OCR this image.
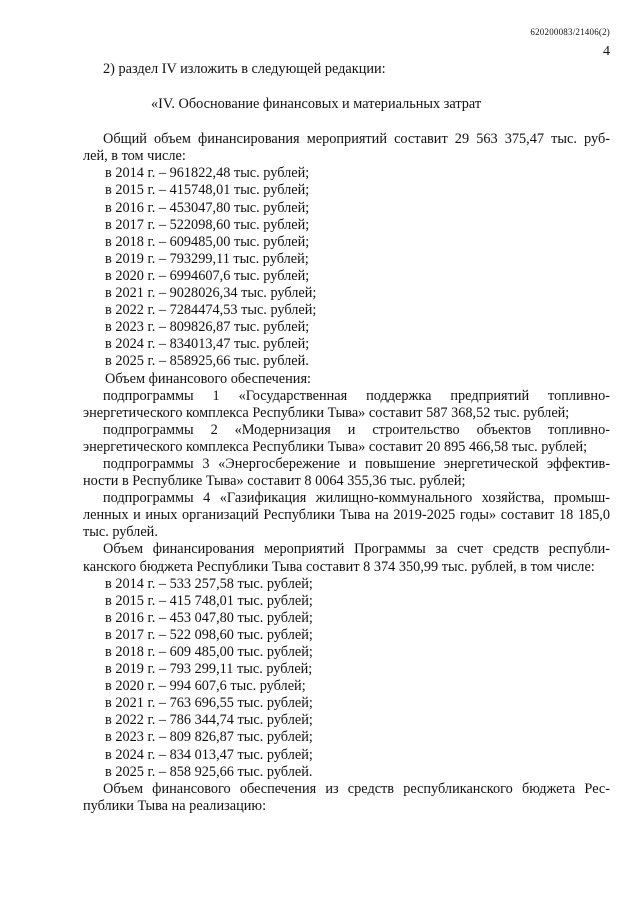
620200083/21406(2)
4

2) раздел IV изложить в следующей редакции:

«IV. Обоснование финансовых и материальных затрат

Общий объем финансирования мероприятий составит 29 563 375,47 тыс. руб-

лей, в том числе:

в 2014 г. – 961822,48 тыс. рублей;

в 2015 г. – 415748,01 тыс. рублей;

в 2016 г. – 453047,80 тыс. рублей;

в 2017 г. – 522098,60 тыс. рублей;

в 2018 г. – 609485,00 тыс. рублей;

в 2019 г. – 793299,11 тыс. рублей;

в 2020 г. – 6994607,6 тыс. рублей;

в 2021 г. – 9028026,34 тыс. рублей;

в 2022 г. – 7284474,53 тыс. рублей;

в 2023 г. – 809826,87 тыс. рублей;

в 2024 г. – 834013,47 тыс. рублей;

в 2025 г. – 858925,66 тыс. рублей.

Объем финансового обеспечения:

подпрограммы 1 «Государственная поддержка предприятий топливно-

энергетического комплекса Республики Тыва» составит 587 368,52 тыс. рублей;

подпрограммы 2 «Модернизация и строительство объектов топливно-

энергетического комплекса Республики Тыва» составит 20 895 466,58 тыс. рублей;

подпрограммы 3 «Энергосбережение и повышение энергетической эффектив-

ности в Республике Тыва» составит 8 0064 355,36 тыс. рублей;

подпрограммы 4 «Газификация жилищно-коммунального хозяйства, промыш-

ленных и иных организаций Республики Тыва на 2019-2025 годы» составит 18 185,0

тыс. рублей.

Объем финансирования мероприятий Программы за счет средств республи-

канского бюджета Республики Тыва составит 8 374 350,99 тыс. рублей, в том числе:

в 2014 г. – 533 257,58 тыс. рублей;

в 2015 г. – 415 748,01 тыс. рублей;

в 2016 г. – 453 047,80 тыс. рублей;

в 2017 г. – 522 098,60 тыс. рублей;

в 2018 г. – 609 485,00 тыс. рублей;

в 2019 г. – 793 299,11 тыс. рублей;

в 2020 г. – 994 607,6 тыс. рублей;

в 2021 г. – 763 696,55 тыс. рублей;

в 2022 г. – 786 344,74 тыс. рублей;

в 2023 г. – 809 826,87 тыс. рублей;

в 2024 г. – 834 013,47 тыс. рублей;

в 2025 г. – 858 925,66 тыс. рублей.

Объем финансового обеспечения из средств республиканского бюджета Рес-

публики Тыва на реализацию:
